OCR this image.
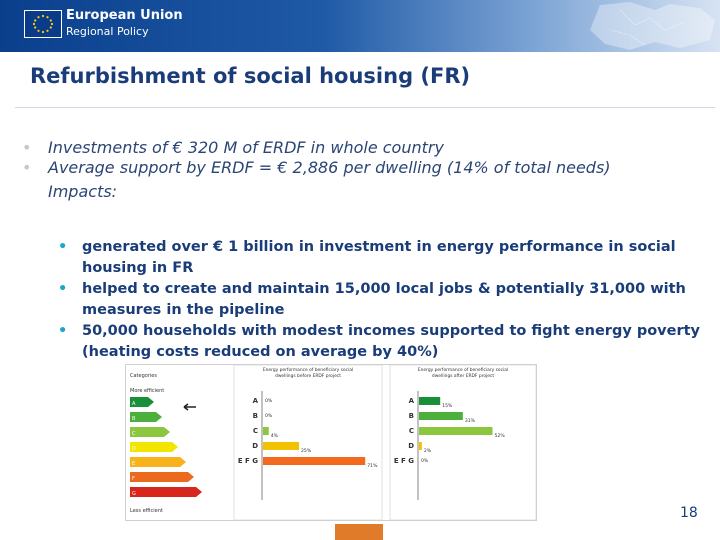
European Union
Regional Policy
Refurbishment of social housing (FR)

• Investments of € 320 M of ERDF in whole country

• Average support by ERDF = € 2,886 per dwelling (14% of total needs)

Impacts:

• generated over € 1 billion in investment in energy performance in social housing in FR

• helped to create and maintain 15,000 local jobs & potentially 31,000 with measures in the pipeline

• 50,000 households with modest incomes supported to fight energy poverty (heating costs reduced on average by 40%)

Categories
More efficient
Less efficient
A
B
C
D
E
F
G
Energy performance of beneficiary social
dwellings before ERDF project
A 0%
B 0%
C
4%
D
25%
E F G
71%
Energy performance of beneficiary social
dwellings after ERDF project
A
15%
B
31%
C
52%
D
2%
E F G 0%
18
